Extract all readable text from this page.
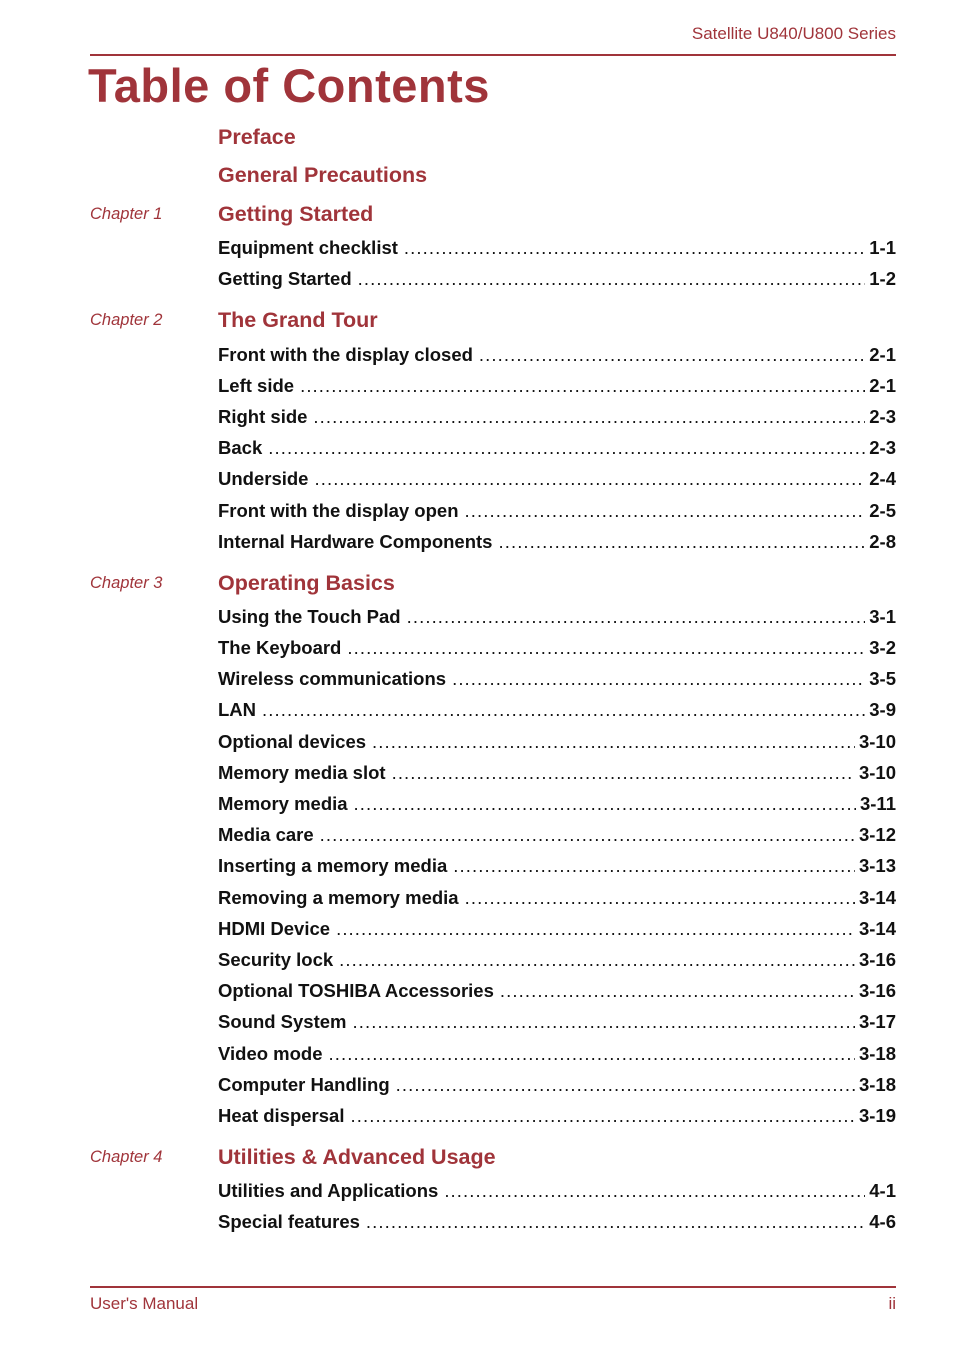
Satellite U840/U800 Series
Table of Contents
Preface
General Precautions
Chapter 1	Getting Started
Equipment checklist .....	1-1
Getting Started .....	1-2
Chapter 2	The Grand Tour
Front with the display closed .....	2-1
Left side .....	2-1
Right side .....	2-3
Back .....	2-3
Underside .....	2-4
Front with the display open .....	2-5
Internal Hardware Components .....	2-8
Chapter 3	Operating Basics
Using the Touch Pad .....	3-1
The Keyboard .....	3-2
Wireless communications .....	3-5
LAN .....	3-9
Optional devices .....	3-10
Memory media slot .....	3-10
Memory media .....	3-11
Media care .....	3-12
Inserting a memory media .....	3-13
Removing a memory media .....	3-14
HDMI Device .....	3-14
Security lock .....	3-16
Optional TOSHIBA Accessories .....	3-16
Sound System .....	3-17
Video mode .....	3-18
Computer Handling .....	3-18
Heat dispersal .....	3-19
Chapter 4	Utilities & Advanced Usage
Utilities and Applications .....	4-1
Special features .....	4-6
User's Manual	ii
